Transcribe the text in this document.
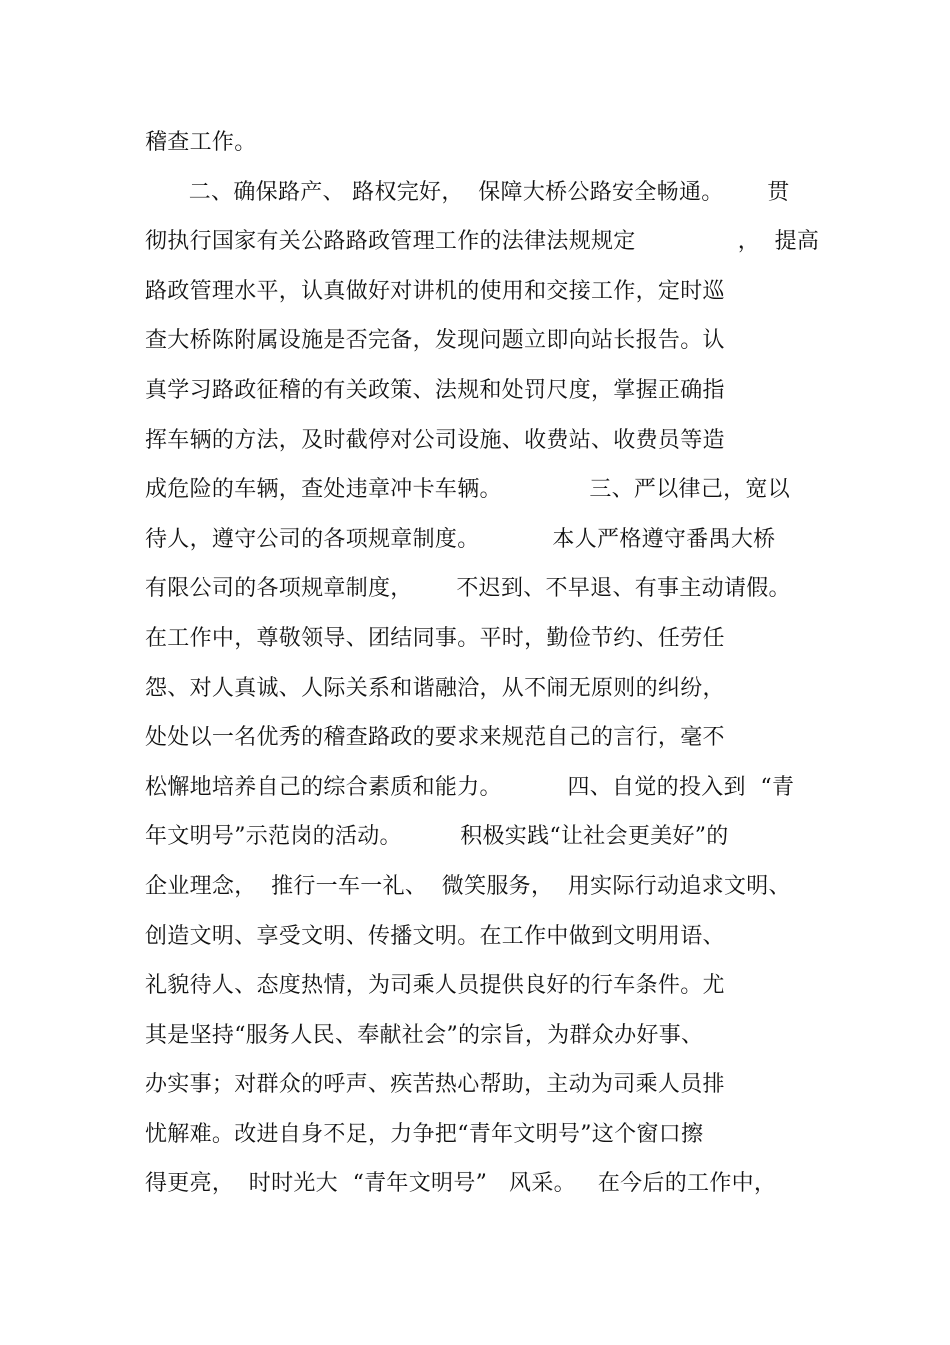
稽查工作。
二、确保路产、 路权完好，  保障大桥公路安全畅通。      贯
彻执行国家有关公路路政管理工作的法律法规规定              ，  提高
路政管理水平，认真做好对讲机的使用和交接工作，定时巡
查大桥陈附属设施是否完备，发现问题立即向站长报告。认
真学习路政征稽的有关政策、法规和处罚尺度，掌握正确指
挥车辆的方法，及时截停对公司设施、收费站、收费员等造
成危险的车辆，查处违章冲卡车辆。            三、严以律己，宽以
待人，遵守公司的各项规章制度。          本人严格遵守番禺大桥
有限公司的各项规章制度，      不迟到、不早退、有事主动请假。
在工作中，尊敬领导、团结同事。平时，勤俭节约、任劳任
怨、对人真诚、人际关系和谐融洽，从不闹无原则的纠纷，
处处以一名优秀的稽查路政的要求来规范自己的言行，毫不
松懈地培养自己的综合素质和能力。         四、自觉的投入到  “青
年文明号”示范岗的活动。        积极实践“让社会更美好”的
企业理念，  推行一车一礼、  微笑服务，  用实际行动追求文明、
创造文明、享受文明、传播文明。在工作中做到文明用语、
礼貌待人、态度热情，为司乘人员提供良好的行车条件。尤
其是坚持“服务人民、奉献社会”的宗旨，为群众办好事、
办实事；对群众的呼声、疾苦热心帮助，主动为司乘人员排
忧解难。改进自身不足，力争把“青年文明号”这个窗口擦
得更亮，  时时光大  “青年文明号”   风采。   在今后的工作中，
